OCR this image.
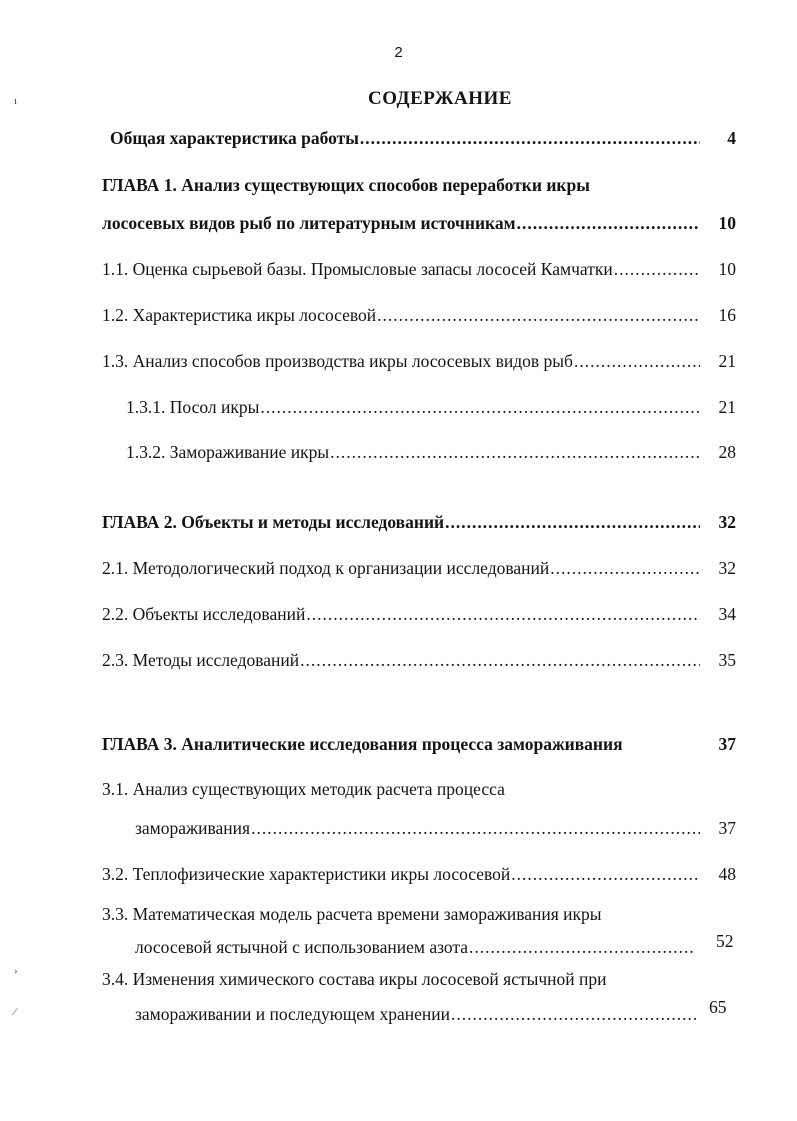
2
СОДЕРЖАНИЕ
Общая характеристика работы .....	4
ГЛАВА 1. Анализ существующих способов переработки икры
лососевых видов рыб по литературным источникам .....	10
1.1. Оценка сырьевой базы. Промысловые запасы лососей Камчатки .....	10
1.2. Характеристика икры лососевой .....	16
1.3. Анализ способов производства икры лососевых видов рыб .....	21
1.3.1. Посол икры .....	21
1.3.2. Замораживание икры .....	28
ГЛАВА 2. Объекты и методы исследований .....	32
2.1. Методологический подход к организации исследований .....	32
2.2. Объекты исследований .....	34
2.3. Методы исследований .....	35
ГЛАВА 3. Аналитические исследования процесса замораживания	37
3.1. Анализ существующих методик расчета процесса
замораживания .....	37
3.2. Теплофизические характеристики икры лососевой .....	48
3.3. Математическая модель расчета времени замораживания икры
лососевой ястычной с использованием азота .....	52
3.4. Изменения химического состава икры лососевой ястычной при
замораживании и последующем хранении .....	65
ı
›
⁄
